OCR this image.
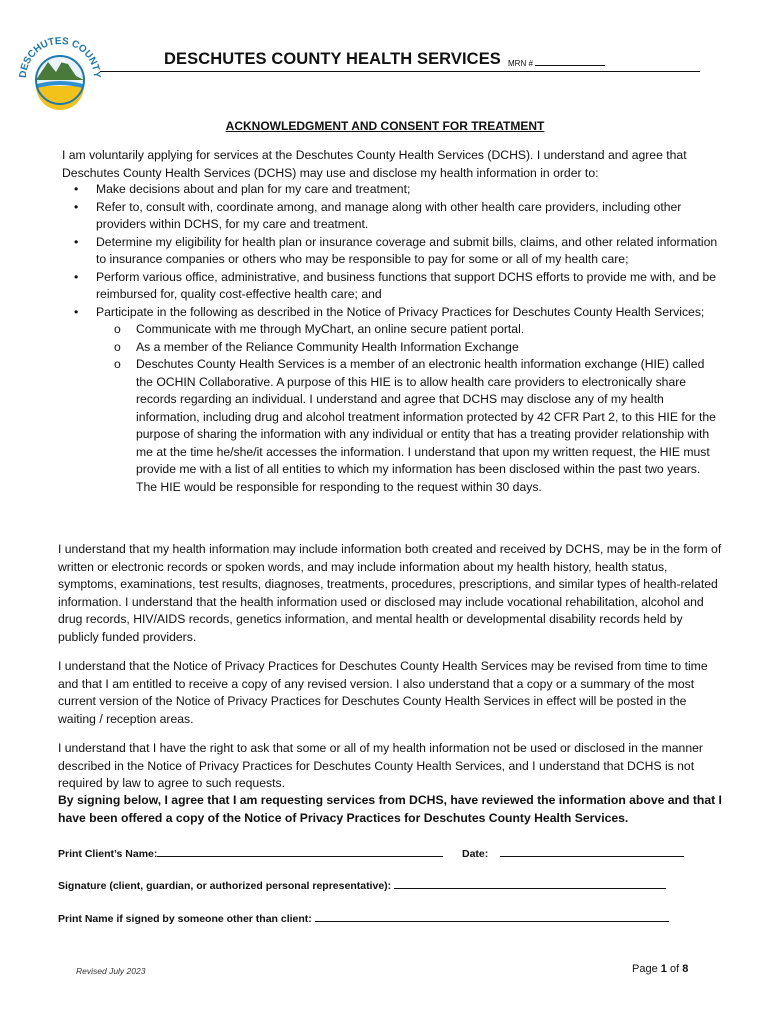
DESCHUTES COUNTY
DESCHUTES COUNTY HEALTH SERVICES MRN #
ACKNOWLEDGMENT AND CONSENT FOR TREATMENT
I am voluntarily applying for services at the Deschutes County Health Services (DCHS). I understand and agree that Deschutes County Health Services (DCHS) may use and disclose my health information in order to:
• Make decisions about and plan for my care and treatment;
• Refer to, consult with, coordinate among, and manage along with other health care providers, including other providers within DCHS, for my care and treatment.
• Determine my eligibility for health plan or insurance coverage and submit bills, claims, and other related information to insurance companies or others who may be responsible to pay for some or all of my health care;
• Perform various office, administrative, and business functions that support DCHS efforts to provide me with, and be reimbursed for, quality cost-effective health care; and
• Participate in the following as described in the Notice of Privacy Practices for Deschutes County Health Services;
o Communicate with me through MyChart, an online secure patient portal.
o As a member of the Reliance Community Health Information Exchange
o Deschutes County Health Services is a member of an electronic health information exchange (HIE) called the OCHIN Collaborative. A purpose of this HIE is to allow health care providers to electronically share records regarding an individual. I understand and agree that DCHS may disclose any of my health information, including drug and alcohol treatment information protected by 42 CFR Part 2, to this HIE for the purpose of sharing the information with any individual or entity that has a treating provider relationship with me at the time he/she/it accesses the information. I understand that upon my written request, the HIE must provide me with a list of all entities to which my information has been disclosed within the past two years. The HIE would be responsible for responding to the request within 30 days.
I understand that my health information may include information both created and received by DCHS, may be in the form of written or electronic records or spoken words, and may include information about my health history, health status, symptoms, examinations, test results, diagnoses, treatments, procedures, prescriptions, and similar types of health-related information. I understand that the health information used or disclosed may include vocational rehabilitation, alcohol and drug records, HIV/AIDS records, genetics information, and mental health or developmental disability records held by publicly funded providers.
I understand that the Notice of Privacy Practices for Deschutes County Health Services may be revised from time to time and that I am entitled to receive a copy of any revised version. I also understand that a copy or a summary of the most current version of the Notice of Privacy Practices for Deschutes County Health Services in effect will be posted in the waiting / reception areas.
I understand that I have the right to ask that some or all of my health information not be used or disclosed in the manner described in the Notice of Privacy Practices for Deschutes County Health Services, and I understand that DCHS is not required by law to agree to such requests.
By signing below, I agree that I am requesting services from DCHS, have reviewed the information above and that I have been offered a copy of the Notice of Privacy Practices for Deschutes County Health Services.
Print Client’s Name:	Date:
Signature (client, guardian, or authorized personal representative):
Print Name if signed by someone other than client:
Revised July 2023	Page 1 of 8
